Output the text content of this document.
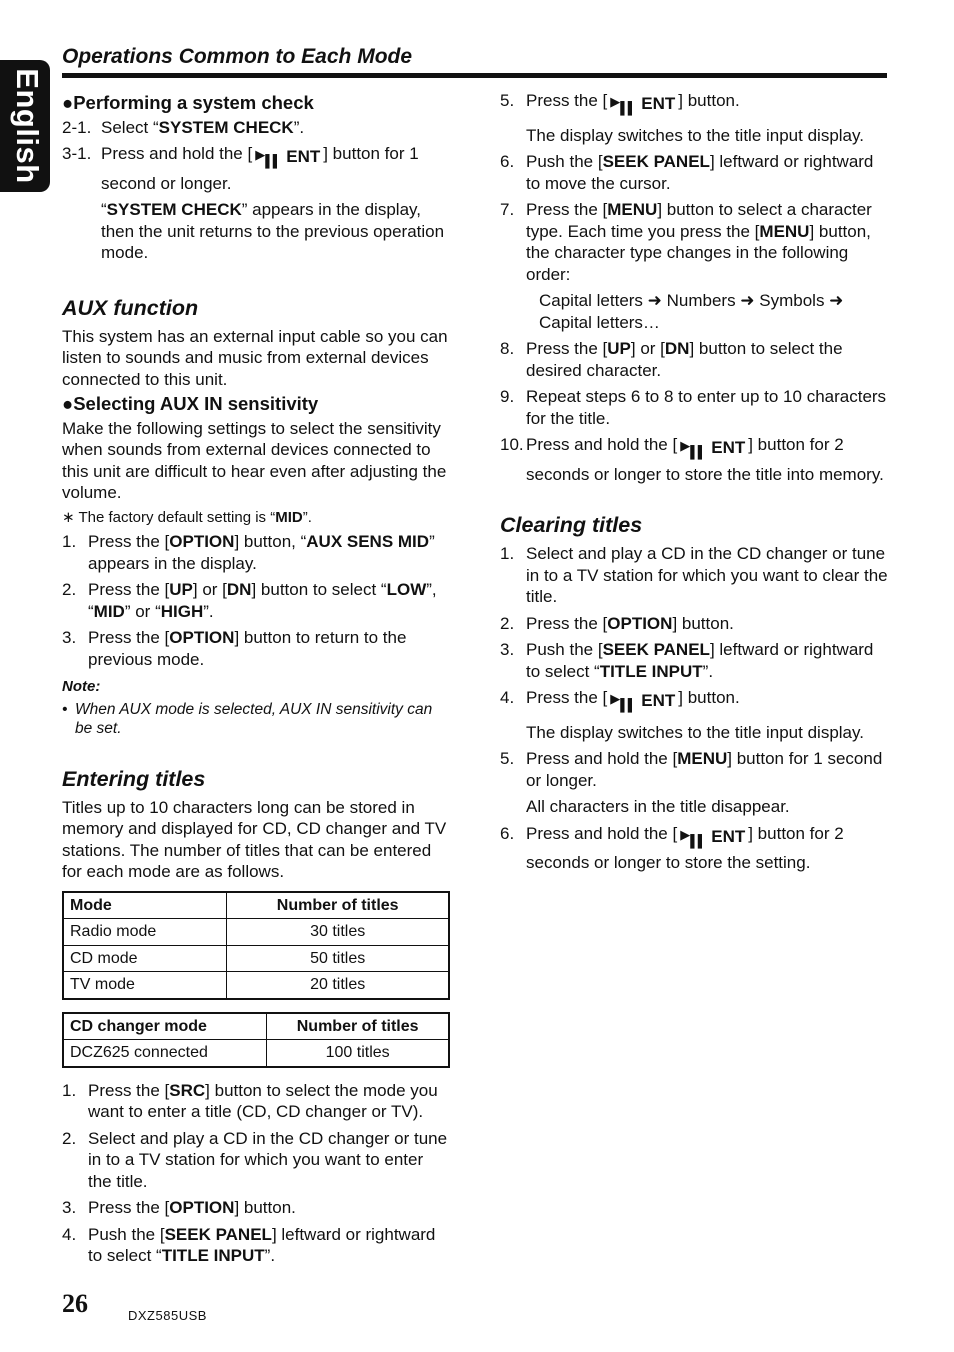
English
Operations Common to Each Mode
●Performing a system check
2-1. Select “SYSTEM CHECK”.
3-1. Press and hold the [ ▶▌▌ ENT ] button for 1 second or longer.
“SYSTEM CHECK” appears in the display, then the unit returns to the previous operation mode.
AUX function

This system has an external input cable so you can listen to sounds and music from external devices connected to this unit.

●Selecting AUX IN sensitivity

Make the following settings to select the sensitivity when sounds from external devices connected to this unit are difficult to hear even after adjusting the volume.

∗ The factory default setting is “MID”.

1. Press the [OPTION] button, “AUX SENS MID” appears in the display.
2. Press the [UP] or [DN] button to select “LOW”, “MID” or “HIGH”.
3. Press the [OPTION] button to return to the previous mode.
Note:
• When AUX mode is selected, AUX IN sensitivity can be set.
Entering titles

Titles up to 10 characters long can be stored in memory and displayed for CD, CD changer and TV stations. The number of titles that can be entered for each mode are as follows.

Mode	Number of titles
Radio mode	30 titles
CD mode	50 titles
TV mode	20 titles
CD changer mode	Number of titles
DCZ625 connected	100 titles
1. Press the [SRC] button to select the mode you want to enter a title (CD, CD changer or TV).
2. Select and play a CD in the CD changer or tune in to a TV station for which you want to enter the title.
3. Press the [OPTION] button.
4. Push the [SEEK PANEL] leftward or rightward to select “TITLE INPUT”.
5. Press the [ ▶▌▌ ENT ] button.
The display switches to the title input display.
6. Push the [SEEK PANEL] leftward or rightward to move the cursor.
7. Press the [MENU] button to select a character type. Each time you press the [MENU] button, the character type changes in the following order:
Capital letters ➜ Numbers ➜ Symbols ➜ Capital letters…
8. Press the [UP] or [DN] button to select the desired character.
9. Repeat steps 6 to 8 to enter up to 10 characters for the title.
10. Press and hold the [ ▶▌▌ ENT ] button for 2 seconds or longer to store the title into memory.
Clearing titles
1. Select and play a CD in the CD changer or tune in to a TV station for which you want to clear the title.
2. Press the [OPTION] button.
3. Push the [SEEK PANEL] leftward or rightward to select “TITLE INPUT”.
4. Press the [ ▶▌▌ ENT ] button.
The display switches to the title input display.
5. Press and hold the [MENU] button for 1 second or longer.
All characters in the title disappear.
6. Press and hold the [ ▶▌▌ ENT ] button for 2 seconds or longer to store the setting.
26	DXZ585USB
